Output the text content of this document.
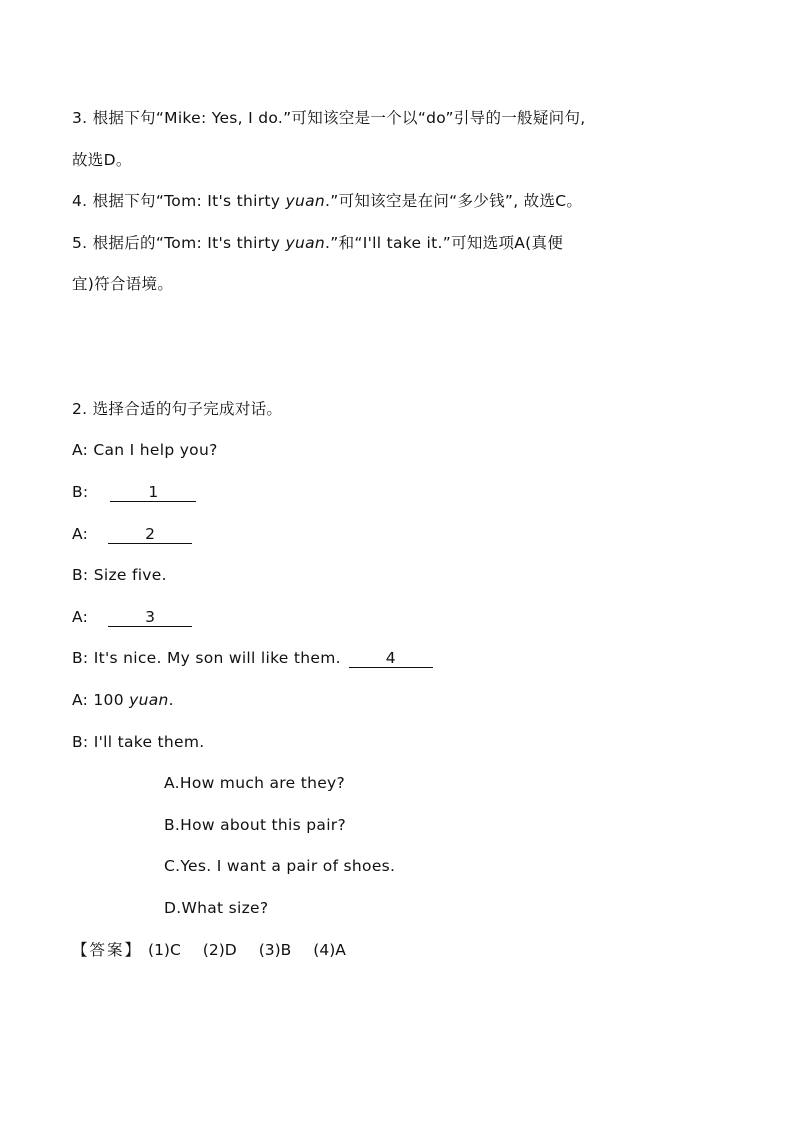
3. 根据下句“Mike: Yes, I do.”可知该空是一个以“do”引导的一般疑问句,
故选D。
4. 根据下句“Tom: It's thirty yuan.”可知该空是在问“多少钱”, 故选C。
5. 根据后的“Tom: It's thirty yuan.”和“I'll take it.”可知选项A(真便
宜)符合语境。
2. 选择合适的句子完成对话。
A: Can I help you?
B:	1
A:	2
B: Size five.
A:	3
B: It's nice. My son will like them.	4
A: 100 yuan.
B: I'll take them.
A.How much are they?
B.How about this pair?
C.Yes. I want a pair of shoes.
D.What size?
【答案】 (1)C (2)D (3)B (4)A
